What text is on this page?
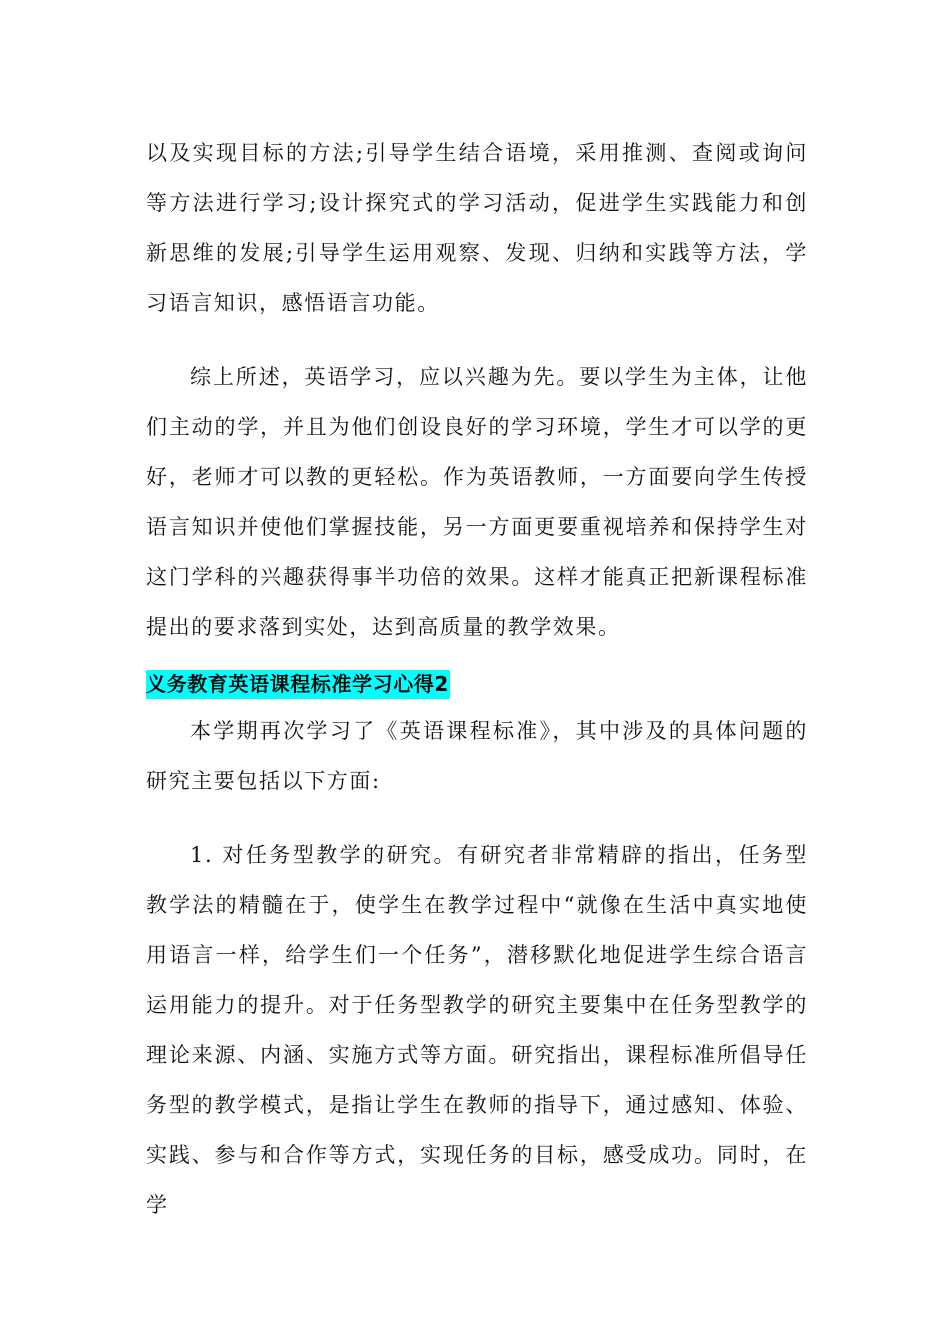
以及实现目标的方法;引导学生结合语境，采用推测、查阅或询问等方法进行学习;设计探究式的学习活动，促进学生实践能力和创新思维的发展;引导学生运用观察、发现、归纳和实践等方法，学习语言知识，感悟语言功能。

综上所述，英语学习，应以兴趣为先。要以学生为主体，让他们主动的学，并且为他们创设良好的学习环境，学生才可以学的更好，老师才可以教的更轻松。作为英语教师，一方面要向学生传授语言知识并使他们掌握技能，另一方面更要重视培养和保持学生对这门学科的兴趣获得事半功倍的效果。这样才能真正把新课程标准提出的要求落到实处，达到高质量的教学效果。

义务教育英语课程标准学习心得2

本学期再次学习了《英语课程标准》，其中涉及的具体问题的研究主要包括以下方面:

1. 对任务型教学的研究。有研究者非常精辟的指出，任务型教学法的精髓在于，使学生在教学过程中“就像在生活中真实地使用语言一样，给学生们一个任务”，潜移默化地促进学生综合语言运用能力的提升。对于任务型教学的研究主要集中在任务型教学的理论来源、内涵、实施方式等方面。研究指出，课程标准所倡导任务型的教学模式，是指让学生在教师的指导下，通过感知、体验、实践、参与和合作等方式，实现任务的目标，感受成功。同时，在学
